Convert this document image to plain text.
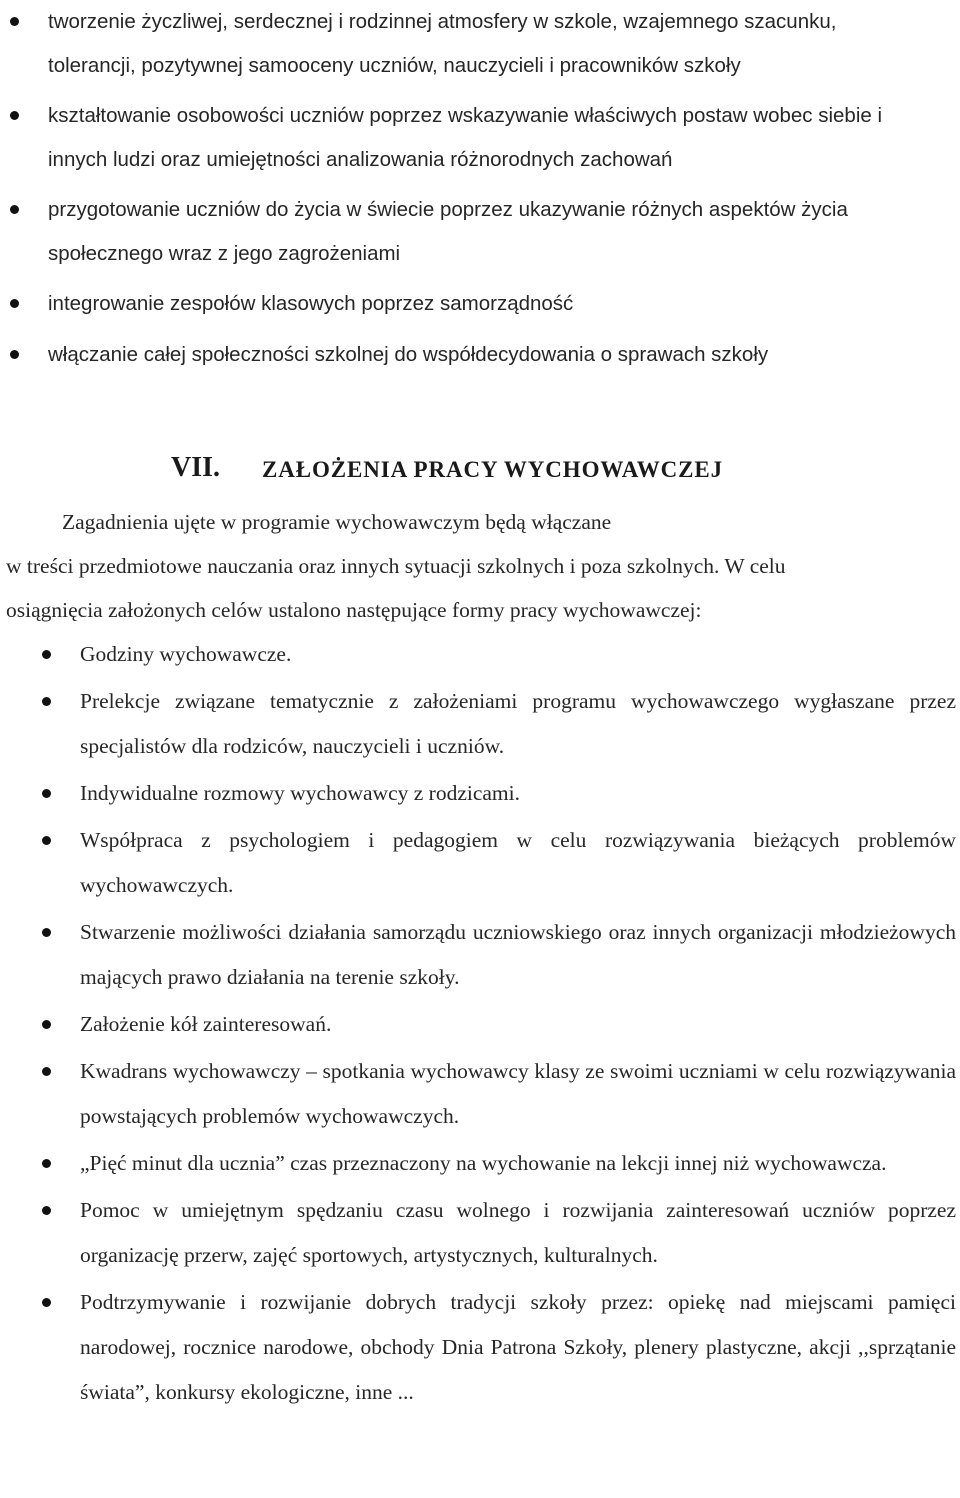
tworzenie życzliwej, serdecznej i rodzinnej atmosfery w szkole, wzajemnego szacunku, tolerancji, pozytywnej samooceny uczniów, nauczycieli i pracowników szkoły
kształtowanie osobowości uczniów poprzez wskazywanie właściwych postaw wobec siebie i innych ludzi oraz umiejętności analizowania różnorodnych zachowań
przygotowanie uczniów do życia w świecie poprzez ukazywanie różnych aspektów życia społecznego wraz z jego zagrożeniami
integrowanie zespołów klasowych poprzez samorządność
włączanie całej społeczności szkolnej do współdecydowania o sprawach szkoły
VII. ZAŁOŻENIA PRACY WYCHOWAWCZEJ
Zagadnienia ujęte w programie wychowawczym będą włączane
w treści przedmiotowe nauczania oraz innych sytuacji szkolnych i poza szkolnych. W celu
osiągnięcia założonych celów ustalono następujące formy pracy wychowawczej:
Godziny wychowawcze.
Prelekcje związane tematycznie z założeniami programu wychowawczego wygłaszane przez specjalistów dla rodziców, nauczycieli i uczniów.
Indywidualne rozmowy wychowawcy z rodzicami.
Współpraca z psychologiem i pedagogiem w celu rozwiązywania bieżących problemów wychowawczych.
Stwarzenie możliwości działania samorządu uczniowskiego oraz innych organizacji młodzieżowych mających prawo działania na terenie szkoły.
Założenie kół zainteresowań.
Kwadrans wychowawczy – spotkania wychowawcy klasy ze swoimi uczniami w celu rozwiązywania powstających problemów wychowawczych.
„Pięć minut dla ucznia” czas przeznaczony na wychowanie na lekcji innej niż wychowawcza.
Pomoc w umiejętnym spędzaniu czasu wolnego i rozwijania zainteresowań uczniów poprzez organizację przerw, zajęć sportowych, artystycznych, kulturalnych.
Podtrzymywanie i rozwijanie dobrych tradycji szkoły przez: opiekę nad miejscami pamięci narodowej, rocznice narodowe, obchody Dnia Patrona Szkoły, plenery plastyczne, akcji ,,sprzątanie świata”, konkursy ekologiczne, inne ...
